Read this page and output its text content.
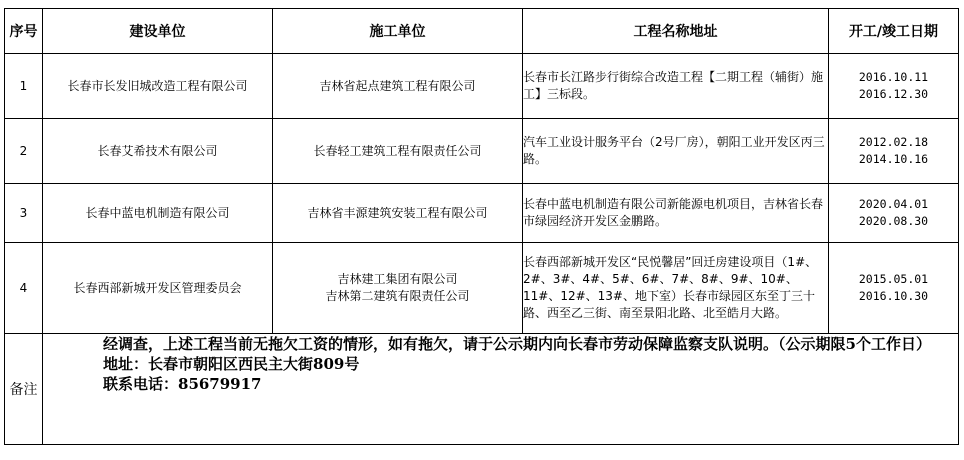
序号	建设单位	施工单位	工程名称地址	开工/竣工日期
1	长春市长发旧城改造工程有限公司	吉林省起点建筑工程有限公司	长春市长江路步行街综合改造工程【二期工程（辅街）施工】三标段。	2016.10.11
2016.12.30

2	长春艾希技术有限公司	长春轻工建筑工程有限责任公司	汽车工业设计服务平台（2号厂房），朝阳工业开发区丙三路。	2012.02.18
2014.10.16

3	长春中蓝电机制造有限公司	吉林省丰源建筑安装工程有限公司	长春中蓝电机制造有限公司新能源电机项目，吉林省长春市绿园经济开发区金鹏路。	2020.04.01
2020.08.30

4	长春西部新城开发区管理委员会	吉林建工集团有限公司
吉林第二建筑有限责任公司	长春西部新城开发区“民悦馨居”回迁房建设项目（1#、2#、3#、4#、5#、6#、7#、8#、9#、10#、11#、12#、13#、地下室）长春市绿园区东至丁三十路、西至乙三街、南至景阳北路、北至皓月大路。	2015.05.01
2016.10.30

备注	经调查，上述工程当前无拖欠工资的情形，如有拖欠，请于公示期内向长春市劳动保障监察支队说明。（公示期限5个工作日）
地址：长春市朝阳区西民主大街809号
联系电话：85679917			
